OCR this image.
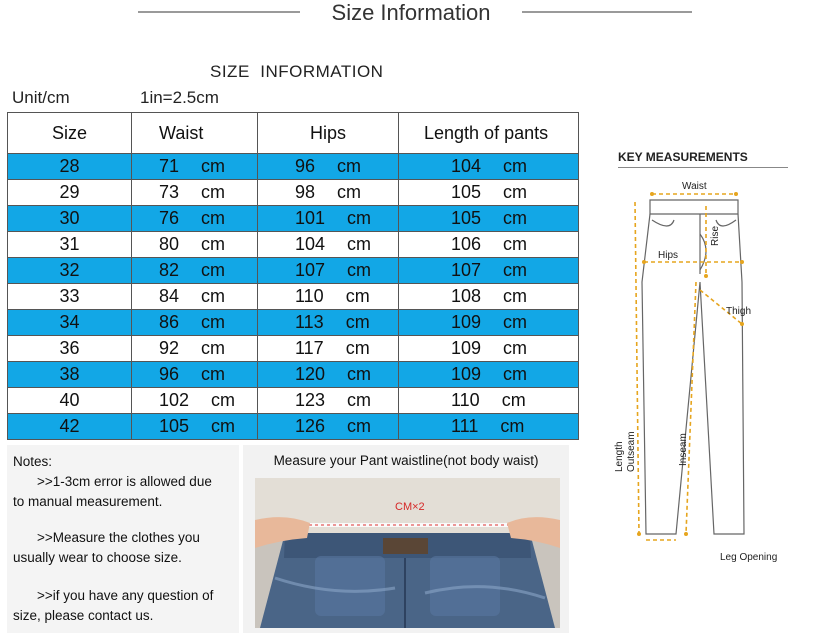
Size Information
SIZE  INFORMATION
Unit/cm	1in=2.5cm
Size	Waist	Hips	Length of pants
28	71 cm	96 cm	104 cm
29	73 cm	98 cm	105 cm
30	76 cm	101 cm	105 cm
31	80 cm	104 cm	106 cm
32	82 cm	107 cm	107 cm
33	84 cm	110 cm	108 cm
34	86 cm	113 cm	109 cm
36	92 cm	117 cm	109 cm
38	96 cm	120 cm	109 cm
40	102 cm	123 cm	110 cm
42	105 cm	126 cm	111 cm
Notes:
>>1-3cm error is allowed due
to manual measurement.
>>Measure the clothes you
usually wear to choose size.
>>if you have any question of
size, please contact us.
Measure your Pant waistline(not body waist)
CM×2
KEY MEASUREMENTS
Waist
Rise
Hips
Thigh
Length Outseam	Inseam
Leg Opening
